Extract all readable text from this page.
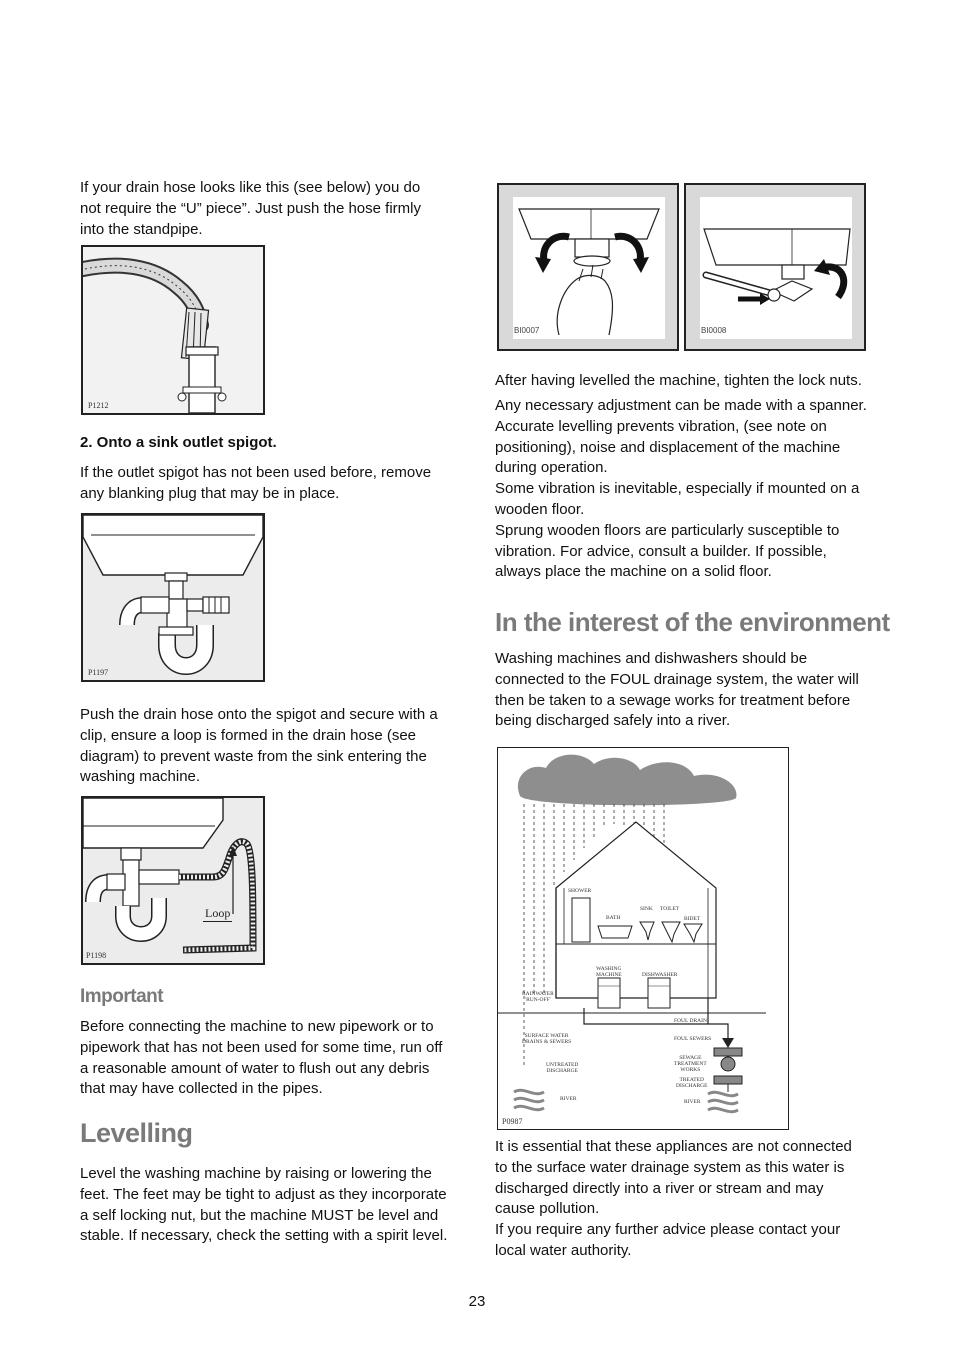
If your drain hose looks like this (see below) you do
not require the “U” piece”. Just push the hose firmly
into the standpipe.

P1212

2. Onto a sink outlet spigot.

If the outlet spigot has not been used before, remove
any blanking plug that may be in place.

P1197

Push the drain hose onto the spigot and secure with a
clip, ensure a loop is formed in the drain hose (see
diagram) to prevent waste from the sink entering the
washing machine.

Loop
P1198
Important

Before connecting the machine to new pipework or to
pipework that has not been used for some time, run off
a reasonable amount of water to flush out any debris
that may have collected in the pipes.

Levelling

Level the washing machine by raising or lowering the
feet. The feet may be tight to adjust as they incorporate
a self locking nut, but the machine MUST be level and
stable. If necessary, check the setting with a spirit level.

BI0007	BI0008

After having levelled the machine, tighten the lock nuts.

Any necessary adjustment can be made with a spanner.
Accurate levelling prevents vibration, (see note on
positioning), noise and displacement of the machine
during operation.
Some vibration is inevitable, especially if mounted on a
wooden floor.
Sprung wooden floors are particularly susceptible to
vibration. For advice, consult a builder. If possible,
always place the machine on a solid floor.

In the interest of the environment

Washing machines and dishwashers should be
connected to the FOUL drainage system, the water will
then be taken to a sewage works for treatment before
being discharged safely into a river.

SHOWER
BATH
SINK TOILET
BIDET
WASHING
MACHINE	DISHWASHER
RAINWATER
'RUN-OFF'
SURFACE WATER
DRAINS & SEWERS
UNTREATED
DISCHARGE
RIVER
FOUL DRAIN
FOUL SEWERS
SEWAGE
TREATMENT
WORKS
TREATED
DISCHARGE
RIVER
P0987

It is essential that these appliances are not connected
to the surface water drainage system as this water is
discharged directly into a river or stream and may
cause pollution.
If you require any further advice please contact your
local water authority.

23
